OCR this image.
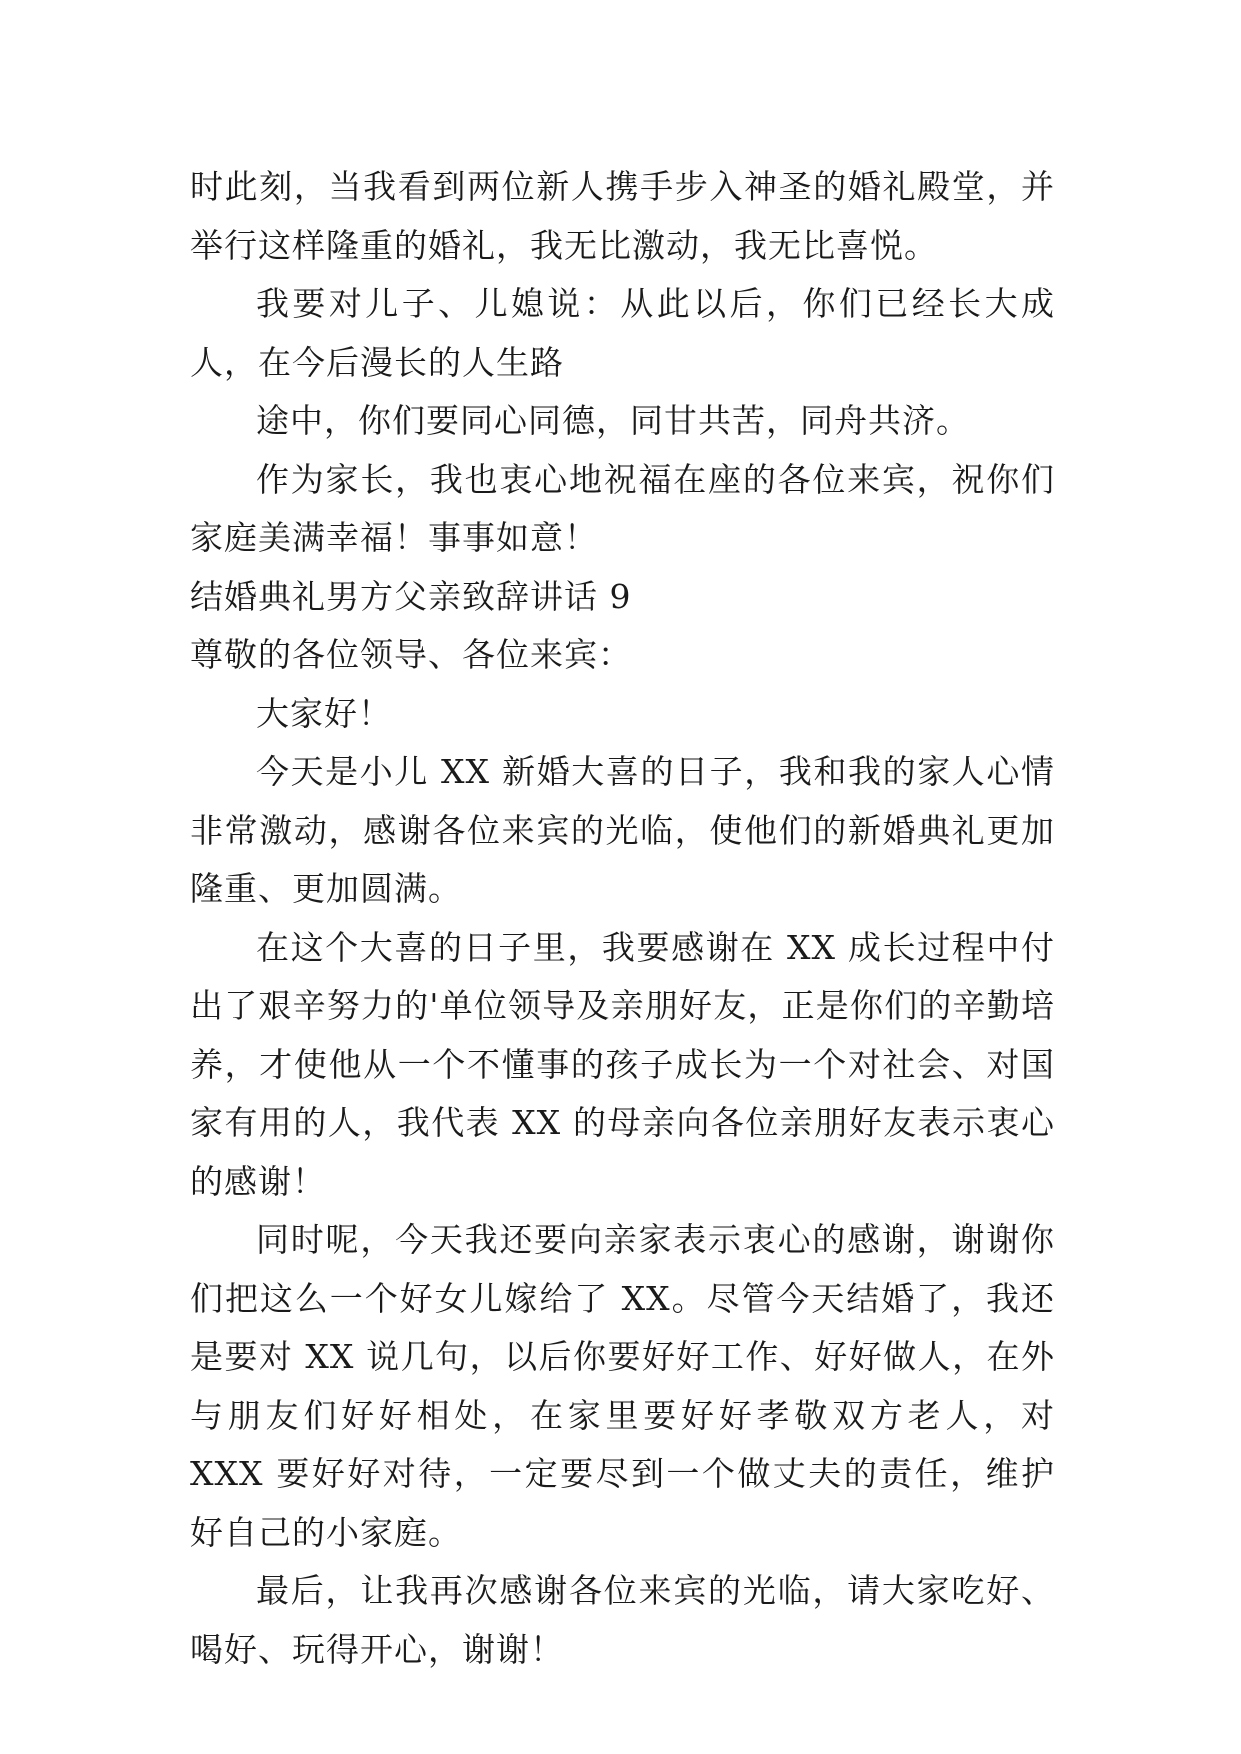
时此刻，当我看到两位新人携手步入神圣的婚礼殿堂，并举行这样隆重的婚礼，我无比激动，我无比喜悦。

我要对儿子、儿媳说：从此以后，你们已经长大成人，在今后漫长的人生路

途中，你们要同心同德，同甘共苦，同舟共济。

作为家长，我也衷心地祝福在座的各位来宾，祝你们家庭美满幸福！事事如意！

结婚典礼男方父亲致辞讲话 9

尊敬的各位领导、各位来宾：

大家好！

今天是小儿 XX 新婚大喜的日子，我和我的家人心情非常激动，感谢各位来宾的光临，使他们的新婚典礼更加隆重、更加圆满。

在这个大喜的日子里，我要感谢在 XX 成长过程中付出了艰辛努力的'单位领导及亲朋好友，正是你们的辛勤培养，才使他从一个不懂事的孩子成长为一个对社会、对国家有用的人，我代表 XX 的母亲向各位亲朋好友表示衷心的感谢！

同时呢，今天我还要向亲家表示衷心的感谢，谢谢你们把这么一个好女儿嫁给了 XX。尽管今天结婚了，我还是要对 XX 说几句，以后你要好好工作、好好做人，在外与朋友们好好相处，在家里要好好孝敬双方老人，对 XXX 要好好对待，一定要尽到一个做丈夫的责任，维护好自己的小家庭。

最后，让我再次感谢各位来宾的光临，请大家吃好、喝好、玩得开心，谢谢！
